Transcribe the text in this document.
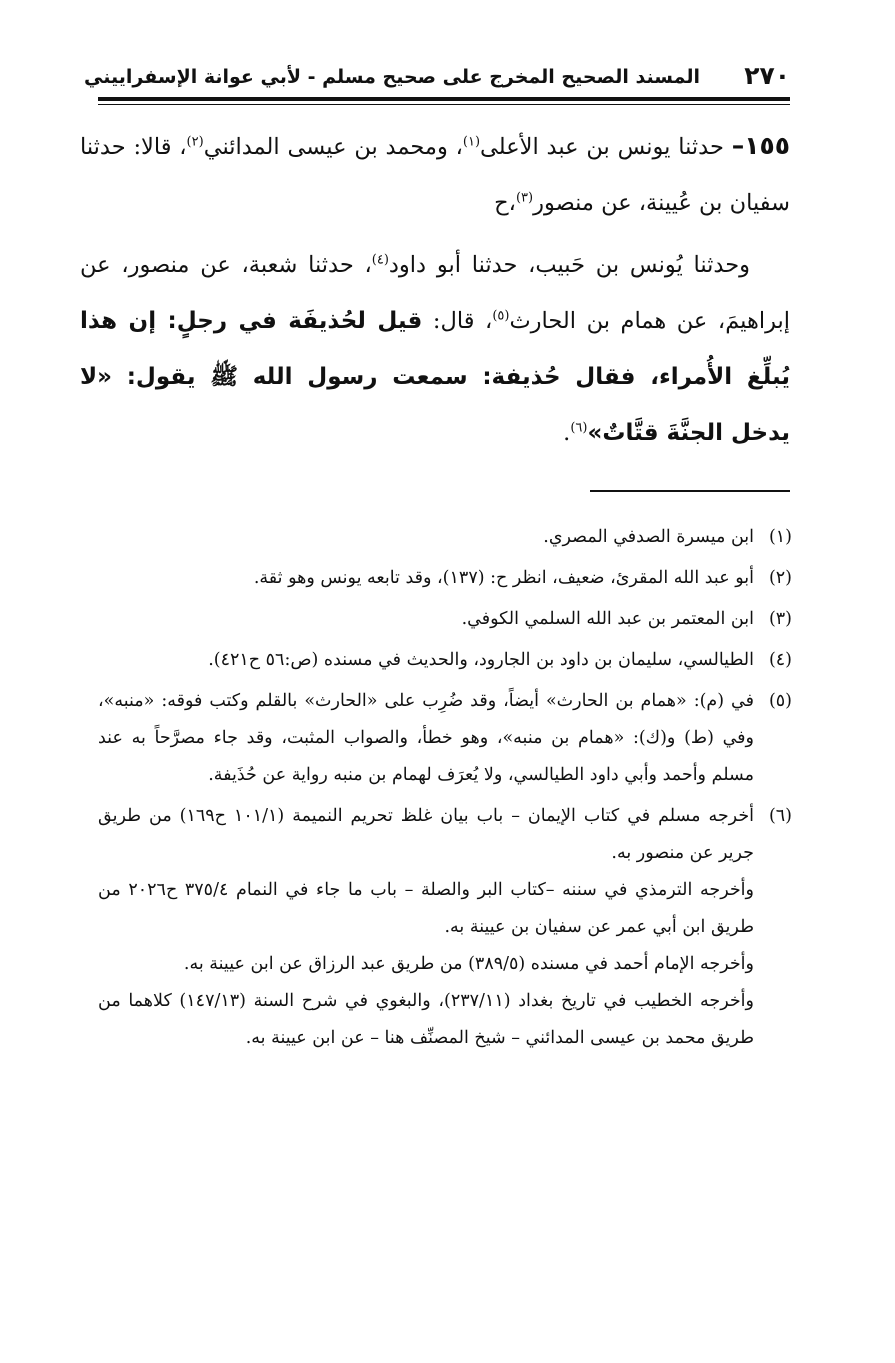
٢٧٠
المسند الصحيح المخرج على صحيح مسلم - لأبي عوانة الإسفراييني

١٥٥– حدثنا يونس بن عبد الأعلى$^{(١)}$، ومحمد بن عيسى المدائني$^{(٢)}$، قالا: حدثنا سفيان بن عُيينة، عن منصور$^{(٣)}$،ح

وحدثنا يُونس بن حَبيب، حدثنا أبو داود$^{(٤)}$، حدثنا شعبة، عن منصور، عن إبراهيمَ، عن همام بن الحارث$^{(٥)}$، قال: قيل لحُذيفَة في رجلٍ: إن هذا يُبلِّغ الأُمراء، فقال حُذيفة: سمعت رسول الله ﷺ يقول: «لا يدخل الجنَّةَ قتَّاتٌ»$^{(٦)}$.

(١)
ابن ميسرة الصدفي المصري.
(٢)
أبو عبد الله المقرئ، ضعيف، انظر ح: (١٣٧)، وقد تابعه يونس وهو ثقة.
(٣)
ابن المعتمر بن عبد الله السلمي الكوفي.
(٤)
الطيالسي، سليمان بن داود بن الجارود، والحديث في مسنده (ص:٥٦ ح٤٢١).
(٥)
في (م): «همام بن الحارث» أيضاً، وقد ضُرِب على «الحارث» بالقلم وكتب فوقه: «منبه»، وفي (ط) و(ك): «همام بن منبه»، وهو خطأ، والصواب المثبت، وقد جاء مصرَّحاً به عند مسلم وأحمد وأبي داود الطيالسي، ولا يُعرَف لهمام بن منبه رواية عن حُذَيفة.
(٦)
أخرجه مسلم في كتاب الإيمان – باب بيان غلظ تحريم النميمة (١٠١/١ ح١٦٩) من طريق جرير عن منصور به.
وأخرجه الترمذي في سننه –كتاب البر والصلة – باب ما جاء في النمام ٣٧٥/٤ ح٢٠٢٦ من طريق ابن أبي عمر عن سفيان بن عيينة به.
وأخرجه الإمام أحمد في مسنده (٣٨٩/٥) من طريق عبد الرزاق عن ابن عيينة به.
وأخرجه الخطيب في تاريخ بغداد (٢٣٧/١١)، والبغوي في شرح السنة (١٤٧/١٣) كلاهما من طريق محمد بن عيسى المدائني – شيخ المصنِّف هنا – عن ابن عيينة به.
